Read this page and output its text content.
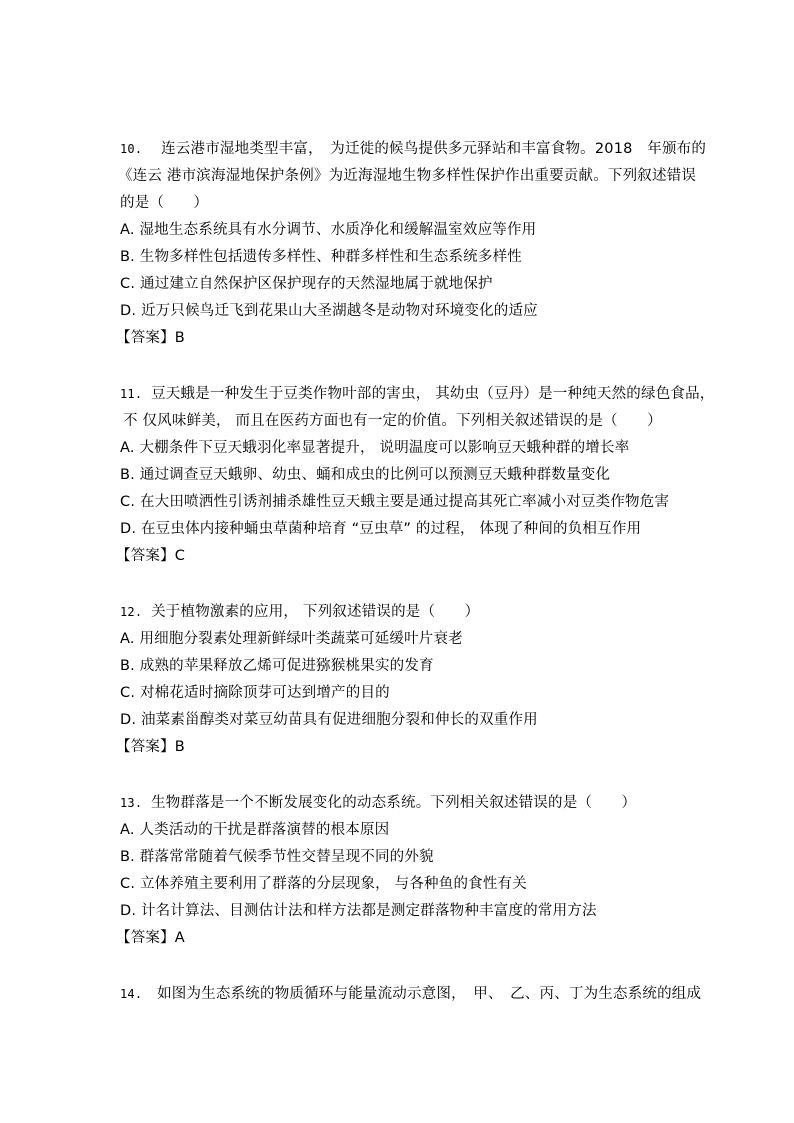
10. 连云港市湿地类型丰富，　为迁徙的候鸟提供多元驿站和丰富食物。2018　年颁布的
《连云 港市滨海湿地保护条例》为近海湿地生物多样性保护作出重要贡献。下列叙述错误
的是（　　）
A. 湿地生态系统具有水分调节、水质净化和缓解温室效应等作用
B. 生物多样性包括遗传多样性、种群多样性和生态系统多样性
C. 通过建立自然保护区保护现存的天然湿地属于就地保护
D. 近万只候鸟迁飞到花果山大圣湖越冬是动物对环境变化的适应
【答案】B
11. 豆天蛾是一种发生于豆类作物叶部的害虫， 其幼虫（豆丹）是一种纯天然的绿色食品，
不 仅风味鲜美， 而且在医药方面也有一定的价值。下列相关叙述错误的是（　　）
A. 大棚条件下豆天蛾羽化率显著提升， 说明温度可以影响豆天蛾种群的增长率
B. 通过调查豆天蛾卵、幼虫、蛹和成虫的比例可以预测豆天蛾种群数量变化
C. 在大田喷洒性引诱剂捕杀雄性豆天蛾主要是通过提高其死亡率减小对豆类作物危害
D. 在豆虫体内接种蛹虫草菌种培育 “豆虫草” 的过程， 体现了种间的负相互作用
【答案】C
12. 关于植物激素的应用， 下列叙述错误的是（　　）
A. 用细胞分裂素处理新鲜绿叶类蔬菜可延缓叶片衰老
B. 成熟的苹果释放乙烯可促进猕猴桃果实的发育
C. 对棉花适时摘除顶芽可达到增产的目的
D. 油菜素甾醇类对菜豆幼苗具有促进细胞分裂和伸长的双重作用
【答案】B
13. 生物群落是一个不断发展变化的动态系统。下列相关叙述错误的是（　　）
A. 人类活动的干扰是群落演替的根本原因
B. 群落常常随着气候季节性交替呈现不同的外貌
C. 立体养殖主要利用了群落的分层现象， 与各种鱼的食性有关
D. 计名计算法、目测估计法和样方法都是测定群落物种丰富度的常用方法
【答案】A
14. 如图为生态系统的物质循环与能量流动示意图，　甲、　乙、丙、丁为生态系统的组成
